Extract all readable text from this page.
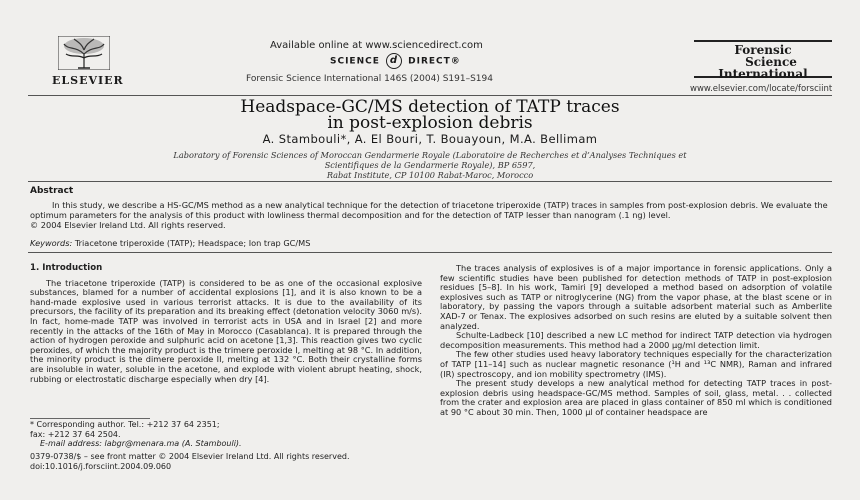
ELSEVIER
Available online at www.sciencedirect.com
SCIENCE d DIRECT®
Forensic Science International 146S (2004) S191–S194
Forensic
Science
International
www.elsevier.com/locate/forsciint
Headspace-GC/MS detection of TATP traces
in post-explosion debris
A. Stambouli*, A. El Bouri, T. Bouayoun, M.A. Bellimam
Laboratory of Forensic Sciences of Moroccan Gendarmerie Royale (Laboratoire de Recherches et d’Analyses Techniques et
Scientifiques de la Gendarmerie Royale), BP 6597,
Rabat Institute, CP 10100 Rabat-Maroc, Morocco
Abstract
In this study, we describe a HS-GC/MS method as a new analytical technique for the detection of triacetone triperoxide (TATP) traces in samples from post-explosion debris. We evaluate the optimum parameters for the analysis of this product with lowliness thermal decomposition and for the detection of TATP lesser than nanogram (.1 ng) level.
© 2004 Elsevier Ireland Ltd. All rights reserved.
Keywords: Triacetone triperoxide (TATP); Headspace; Ion trap GC/MS
1. Introduction

The triacetone triperoxide (TATP) is considered to be as one of the occasional explosive substances, blamed for a number of accidental explosions [1], and it is also known to be a hand-made explosive used in various terrorist attacks. It is due to the availability of its precursors, the facility of its preparation and its breaking effect (detonation velocity 3060 m/s). In fact, home-made TATP was involved in terrorist acts in USA and in Israel [2] and more recently in the attacks of the 16th of May in Morocco (Casablanca). It is prepared through the action of hydrogen peroxide and sulphuric acid on acetone [1,3]. This reaction gives two cyclic peroxides, of which the majority product is the trimere peroxide I, melting at 98 °C. In addition, the minority product is the dimere peroxide II, melting at 132 °C. Both their crystalline forms are insoluble in water, soluble in the acetone, and explode with violent abrupt heating, shock, rubbing or electrostatic discharge especially when dry [4].

* Corresponding author. Tel.: +212 37 64 2351;
fax: +212 37 64 2504.
E-mail address: labgr@menara.ma (A. Stambouli).

The traces analysis of explosives is of a major importance in forensic applications. Only a few scientific studies have been published for detection methods of TATP in post-explosion residues [5–8]. In his work, Tamiri [9] developed a method based on adsorption of volatile explosives such as TATP or nitroglycerine (NG) from the vapor phase, at the blast scene or in laboratory, by passing the vapors through a suitable adsorbent material such as Amberlite XAD-7 or Tenax. The explosives adsorbed on such resins are eluted by a suitable solvent then analyzed.

Schulte-Ladbeck [10] described a new LC method for indirect TATP detection via hydrogen decomposition measurements. This method had a 2000 µg/ml detection limit.

The few other studies used heavy laboratory techniques especially for the characterization of TATP [11–14] such as nuclear magnetic resonance (¹H and ¹³C NMR), Raman and infrared (IR) spectroscopy, and ion mobility spectrometry (IMS).

The present study develops a new analytical method for detecting TATP traces in post-explosion debris using headspace-GC/MS method. Samples of soil, glass, metal. . . collected from the crater and explosion area are placed in glass container of 850 ml which is conditioned at 90 °C about 30 min. Then, 1000 µl of container headspace are

0379-0738/$ – see front matter © 2004 Elsevier Ireland Ltd. All rights reserved.
doi:10.1016/j.forsciint.2004.09.060
